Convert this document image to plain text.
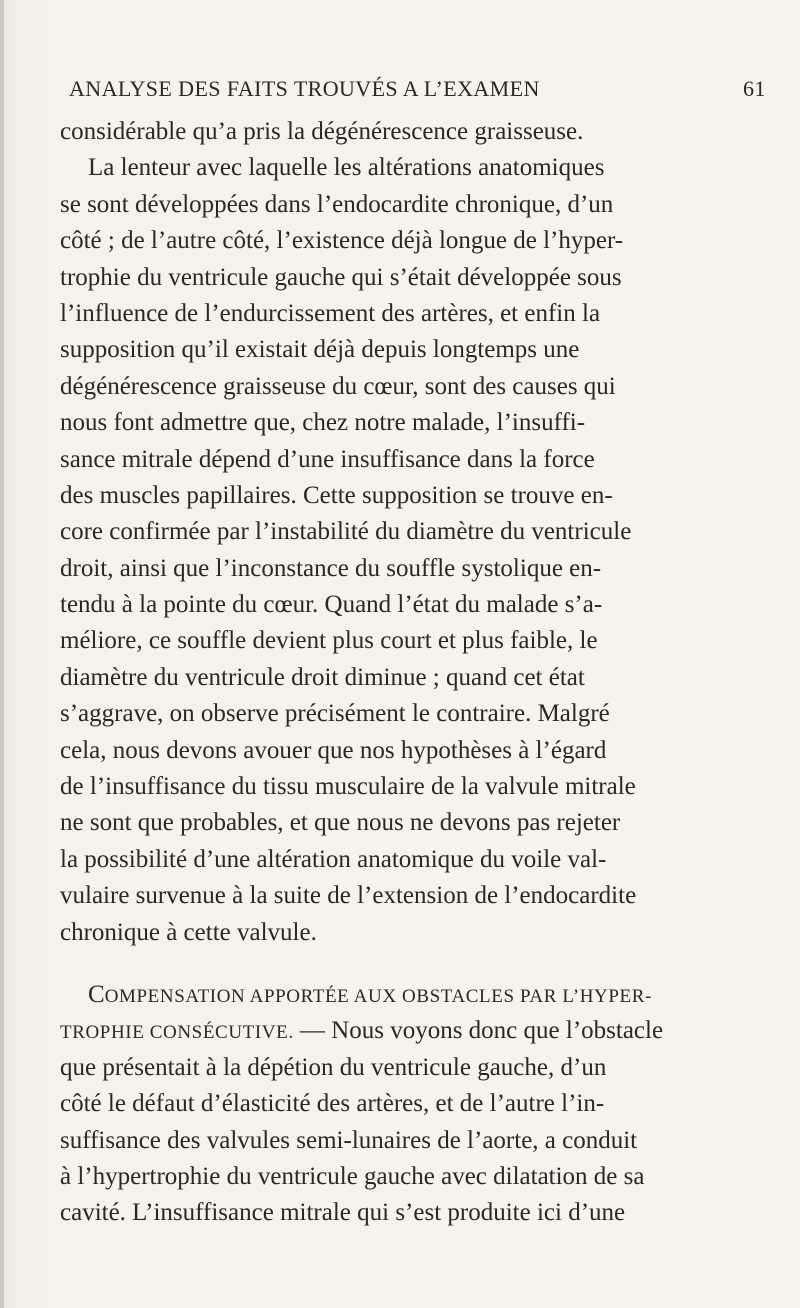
ANALYSE DES FAITS TROUVÉS A L’EXAMEN	61
considérable qu’a pris la dégénérescence graisseuse.
La lenteur avec laquelle les altérations anatomiques
se sont développées dans l’endocardite chronique, d’un
côté ; de l’autre côté, l’existence déjà longue de l’hyper-
trophie du ventricule gauche qui s’était développée sous
l’influence de l’endurcissement des artères, et enfin la
supposition qu’il existait déjà depuis longtemps une
dégénérescence graisseuse du cœur, sont des causes qui
nous font admettre que, chez notre malade, l’insuffi-
sance mitrale dépend d’une insuffisance dans la force
des muscles papillaires. Cette supposition se trouve en-
core confirmée par l’instabilité du diamètre du ventricule
droit, ainsi que l’inconstance du souffle systolique en-
tendu à la pointe du cœur. Quand l’état du malade s’a-
méliore, ce souffle devient plus court et plus faible, le
diamètre du ventricule droit diminue ; quand cet état
s’aggrave, on observe précisément le contraire. Malgré
cela, nous devons avouer que nos hypothèses à l’égard
de l’insuffisance du tissu musculaire de la valvule mitrale
ne sont que probables, et que nous ne devons pas rejeter
la possibilité d’une altération anatomique du voile val-
vulaire survenue à la suite de l’extension de l’endocardite
chronique à cette valvule.
COMPENSATION APPORTÉE AUX OBSTACLES PAR L’HYPER-
TROPHIE CONSÉCUTIVE. — Nous voyons donc que l’obstacle
que présentait à la dépétion du ventricule gauche, d’un
côté le défaut d’élasticité des artères, et de l’autre l’in-
suffisance des valvules semi-lunaires de l’aorte, a conduit
à l’hypertrophie du ventricule gauche avec dilatation de sa
cavité. L’insuffisance mitrale qui s’est produite ici d’une
